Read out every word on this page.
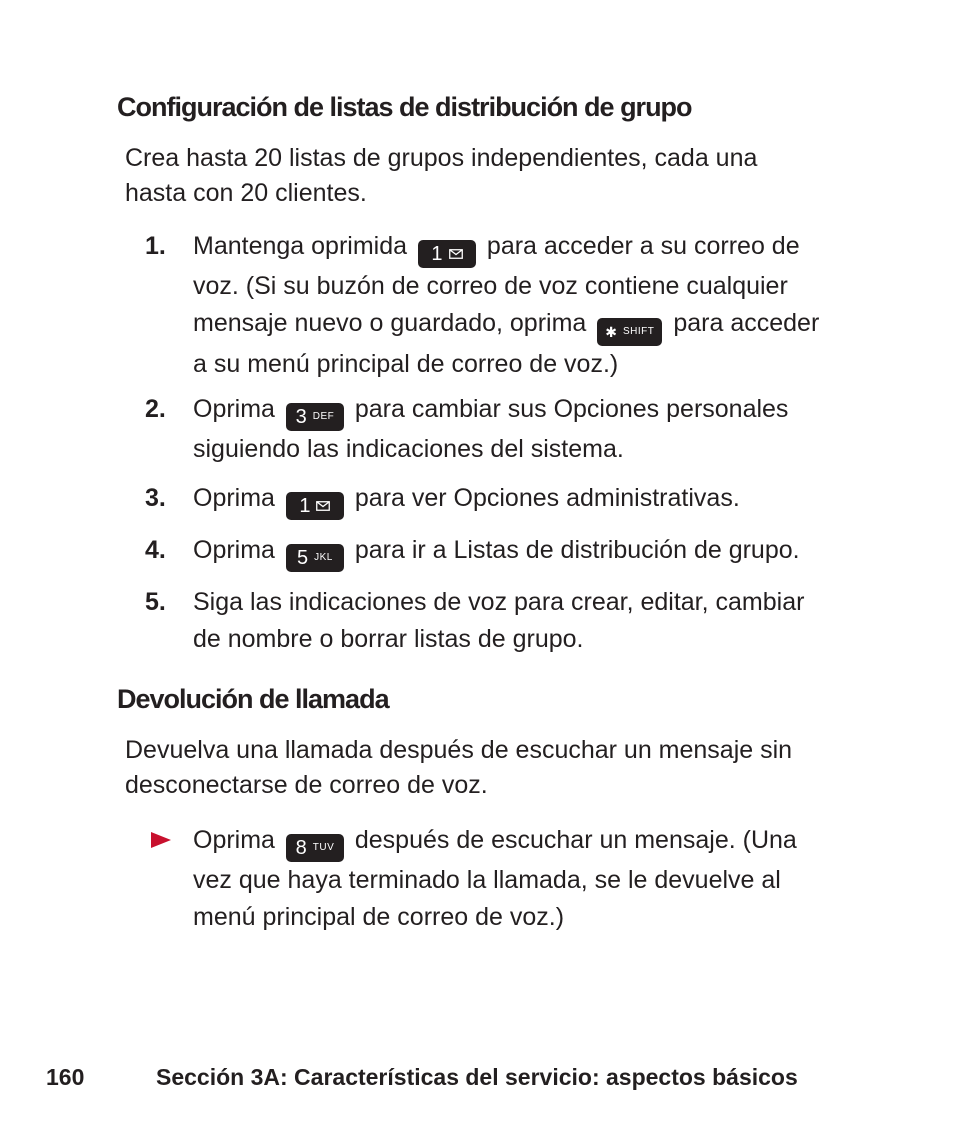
Configuración de listas de distribución de grupo
Crea hasta 20 listas de grupos independientes, cada una
hasta con 20 clientes.
1. Mantenga oprimida 1 para acceder a su correo de
voz. (Si su buzón de correo de voz contiene cualquier
mensaje nuevo o guardado, oprima ✱ SHIFT para acceder
a su menú principal de correo de voz.)
2. Oprima 3 DEF para cambiar sus Opciones personales
siguiendo las indicaciones del sistema.
3. Oprima 1 para ver Opciones administrativas.
4. Oprima 5 JKL para ir a Listas de distribución de grupo.
5. Siga las indicaciones de voz para crear, editar, cambiar
de nombre o borrar listas de grupo.
Devolución de llamada
Devuelva una llamada después de escuchar un mensaje sin
desconectarse de correo de voz.
Oprima 8 TUV después de escuchar un mensaje. (Una
vez que haya terminado la llamada, se le devuelve al
menú principal de correo de voz.)
160	Sección 3A: Características del servicio: aspectos básicos
